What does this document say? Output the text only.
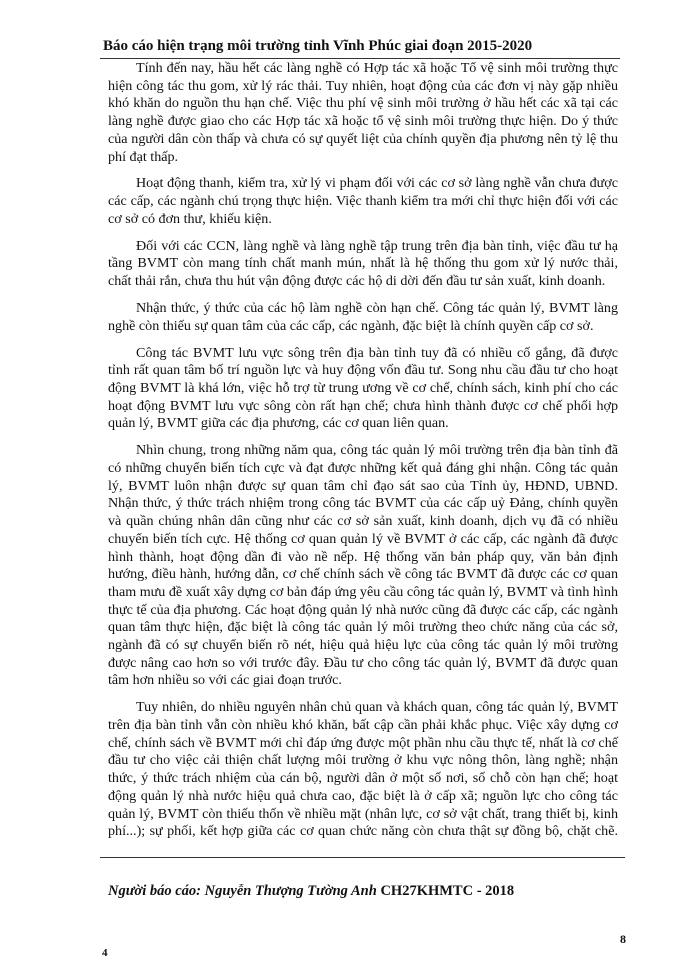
Báo cáo hiện trạng môi trường tỉnh Vĩnh Phúc giai đoạn 2015-2020

Tính đến nay, hầu hết các làng nghề có Hợp tác xã hoặc Tổ vệ sinh môi trường thực hiện công tác thu gom, xử lý rác thải. Tuy nhiên, hoạt động của các đơn vị này gặp nhiều khó khăn do nguồn thu hạn chế. Việc thu phí vệ sinh môi trường ở hầu hết các xã tại các làng nghề được giao cho các Hợp tác xã hoặc tổ vệ sinh môi trường thực hiện. Do ý thức của người dân còn thấp và chưa có sự quyết liệt của chính quyền địa phương nên tỷ lệ thu phí đạt thấp.

Hoạt động thanh, kiểm tra, xử lý vi phạm đối với các cơ sở làng nghề vẫn chưa được các cấp, các ngành chú trọng thực hiện. Việc thanh kiểm tra mới chỉ thực hiện đối với các cơ sở có đơn thư, khiếu kiện.

Đối với các CCN, làng nghề và làng nghề tập trung trên địa bàn tỉnh, việc đầu tư hạ tầng BVMT còn mang tính chất manh mún, nhất là hệ thống thu gom xử lý nước thải, chất thải rắn, chưa thu hút vận động được các hộ di dời đến đầu tư sản xuất, kinh doanh.

Nhận thức, ý thức của các hộ làm nghề còn hạn chế. Công tác quản lý, BVMT làng nghề còn thiếu sự quan tâm của các cấp, các ngành, đặc biệt là chính quyền cấp cơ sở.

Công tác BVMT lưu vực sông trên địa bàn tỉnh tuy đã có nhiều cố gắng, đã được tỉnh rất quan tâm bố trí nguồn lực và huy động vốn đầu tư. Song nhu cầu đầu tư cho hoạt động BVMT là khá lớn, việc hỗ trợ từ trung ương về cơ chế, chính sách, kinh phí cho các hoạt động BVMT lưu vực sông còn rất hạn chế; chưa hình thành được cơ chế phối hợp quản lý, BVMT giữa các địa phương, các cơ quan liên quan.

Nhìn chung, trong những năm qua, công tác quản lý môi trường trên địa bàn tỉnh đã có những chuyển biến tích cực và đạt được những kết quả đáng ghi nhận. Công tác quản lý, BVMT luôn nhận được sự quan tâm chỉ đạo sát sao của Tỉnh ủy, HĐND, UBND. Nhận thức, ý thức trách nhiệm trong công tác BVMT của các cấp uỷ Đảng, chính quyền và quần chúng nhân dân cũng như các cơ sở sản xuất, kinh doanh, dịch vụ đã có nhiều chuyển biến tích cực. Hệ thống cơ quan quản lý về BVMT ở các cấp, các ngành đã được hình thành, hoạt động dần đi vào nề nếp. Hệ thống văn bản pháp quy, văn bản định hướng, điều hành, hướng dẫn, cơ chế chính sách về công tác BVMT đã được các cơ quan tham mưu đề xuất xây dựng cơ bản đáp ứng yêu cầu công tác quản lý, BVMT và tình hình thực tế của địa phương. Các hoạt động quản lý nhà nước cũng đã được các cấp, các ngành quan tâm thực hiện, đặc biệt là công tác quản lý môi trường theo chức năng của các sở, ngành đã có sự chuyển biến rõ nét, hiệu quả hiệu lực của công tác quản lý môi trường được nâng cao hơn so với trước đây. Đầu tư cho công tác quản lý, BVMT đã được quan tâm hơn nhiều so với các giai đoạn trước.

Tuy nhiên, do nhiều nguyên nhân chủ quan và khách quan, công tác quản lý, BVMT trên địa bàn tỉnh vẫn còn nhiều khó khăn, bất cập cần phải khắc phục. Việc xây dựng cơ chế, chính sách về BVMT mới chỉ đáp ứng được một phần nhu cầu thực tế, nhất là cơ chế đầu tư cho việc cải thiện chất lượng môi trường ở khu vực nông thôn, làng nghề; nhận thức, ý thức trách nhiệm của cán bộ, người dân ở một số nơi, số chỗ còn hạn chế; hoạt động quản lý nhà nước hiệu quả chưa cao, đặc biệt là ở cấp xã; nguồn lực cho công tác quản lý, BVMT còn thiếu thốn về nhiều mặt (nhân lực, cơ sở vật chất, trang thiết bị, kinh phí...); sự phối, kết hợp giữa các cơ quan chức năng còn chưa thật sự đồng bộ, chặt chẽ.

Người báo cáo: Nguyễn Thượng Tường Anh CH27KHMTC - 2018
8
4
